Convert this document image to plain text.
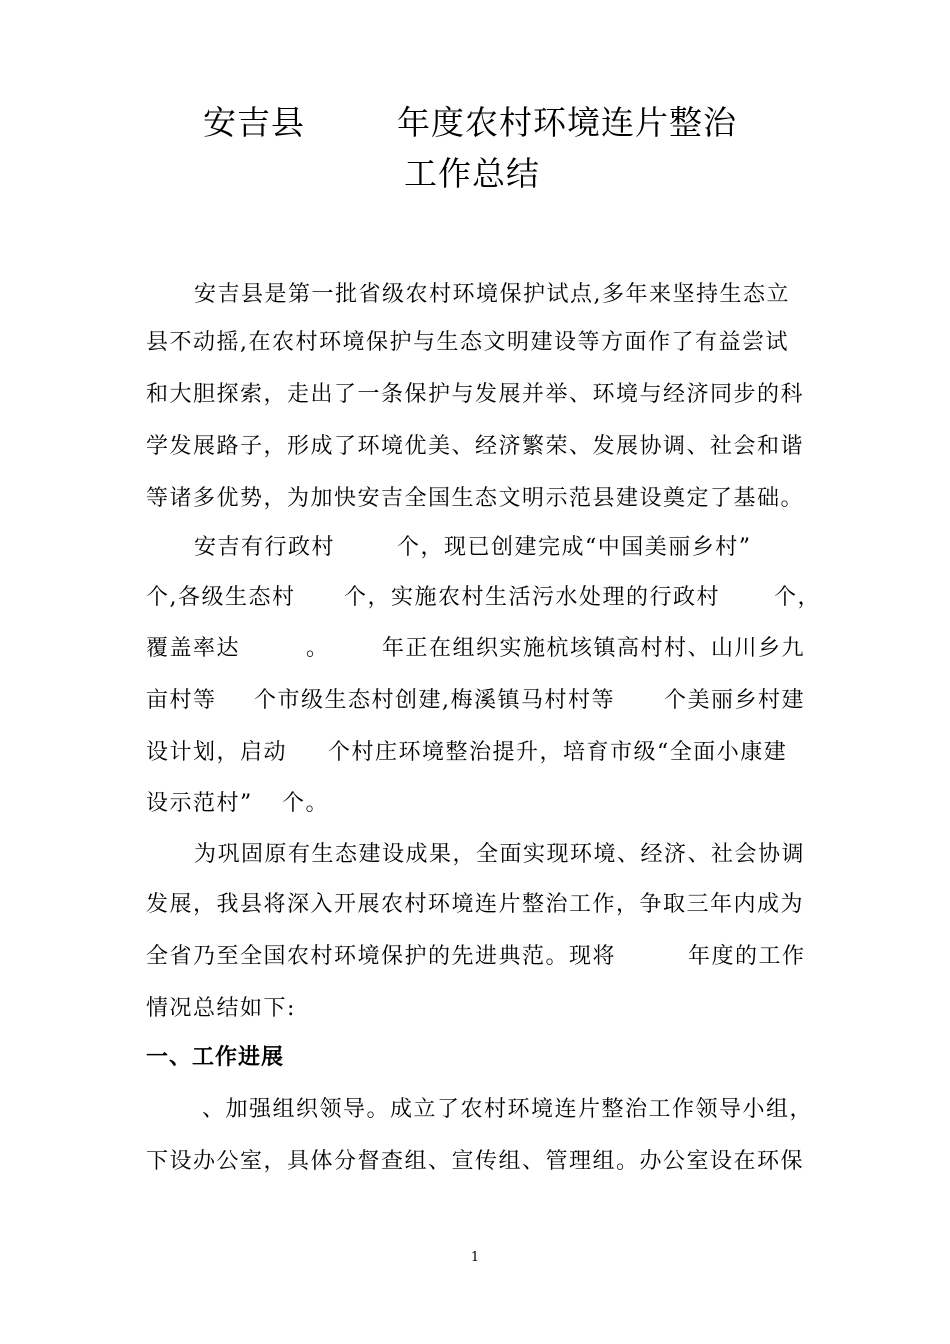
安吉县	年度农村环境连片整治
工作总结
安吉县是第一批省级农村环境保护试点,多年来坚持生态立
县不动摇,在农村环境保护与生态文明建设等方面作了有益尝试
和大胆探索，走出了一条保护与发展并举、环境与经济同步的科
学发展路子，形成了环境优美、经济繁荣、发展协调、社会和谐
等诸多优势，为加快安吉全国生态文明示范县建设奠定了基础。
安吉有行政村	个，现已创建完成“中国美丽乡村”
个,各级生态村 个，实施农村生活污水处理的行政村 个，
覆盖率达	。 年正在组织实施杭垓镇高村村、山川乡九
亩村等 个市级生态村创建,梅溪镇马村村等 个美丽乡村建
设计划，启动 个村庄环境整治提升，培育市级“全面小康建
设示范村” 个。
为巩固原有生态建设成果，全面实现环境、经济、社会协调
发展，我县将深入开展农村环境连片整治工作，争取三年内成为
全省乃至全国农村环境保护的先进典范。现将	年度的工作
情况总结如下:
一、工作进展
、加强组织领导。成立了农村环境连片整治工作领导小组，
下设办公室，具体分督查组、宣传组、管理组。办公室设在环保
1
